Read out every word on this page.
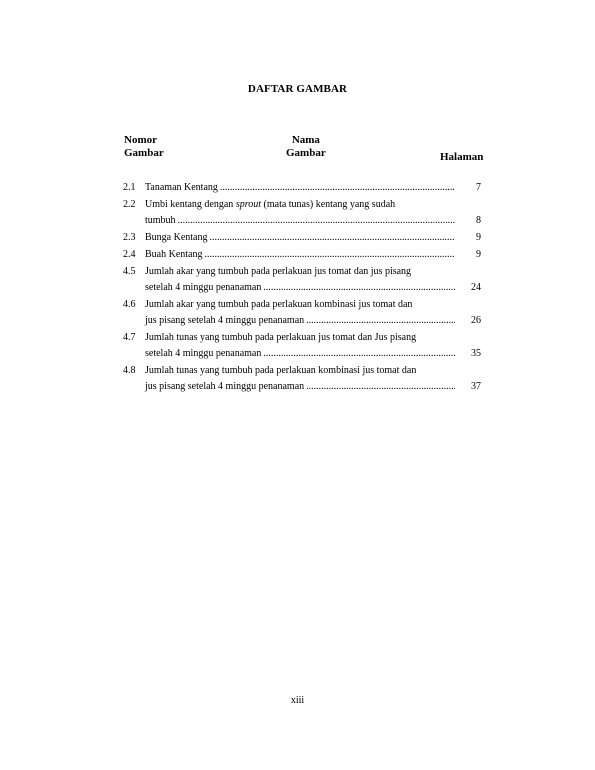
DAFTAR GAMBAR
Nomor
Gambar
Nama
Gambar	Halaman
2.1 Tanaman Kentang .....	7
2.2 Umbi kentang dengan sprout (mata tunas) kentang yang sudah
tumbuh .....	8
2.3 Bunga Kentang .....	9
2.4 Buah Kentang .....	9
4.5 Jumlah akar yang tumbuh pada perlakuan jus tomat dan jus pisang
setelah 4 minggu penanaman .....	24
4.6 Jumlah akar yang tumbuh pada perlakuan kombinasi jus tomat dan
jus pisang setelah 4 minggu penanaman .....	26
4.7 Jumlah tunas yang tumbuh pada perlakuan jus tomat dan Jus pisang
setelah 4 minggu penanaman .....	35
4.8 Jumlah tunas yang tumbuh pada perlakuan kombinasi jus tomat dan
jus pisang setelah 4 minggu penanaman .....	37
xiii
